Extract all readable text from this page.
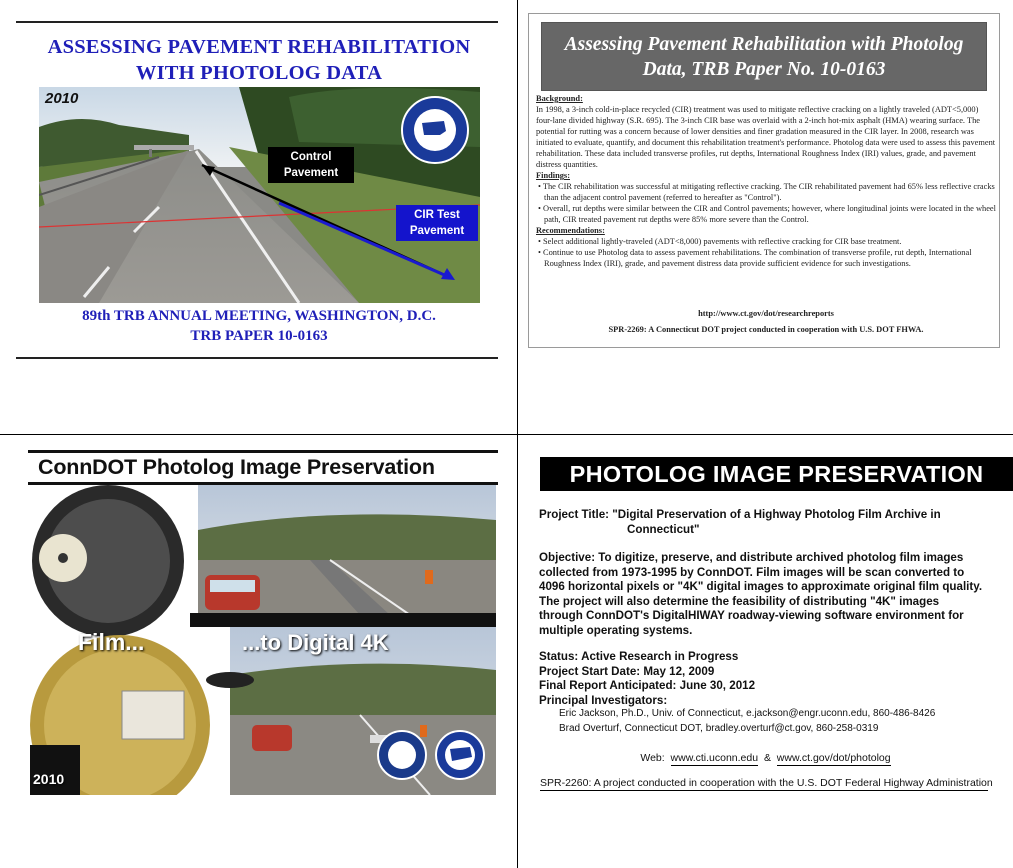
ASSESSING PAVEMENT REHABILITATION WITH PHOTOLOG DATA
2010
Control Pavement
CIR Test Pavement
89th TRB ANNUAL MEETING, WASHINGTON, D.C.
TRB PAPER 10-0163
Assessing Pavement Rehabilitation with Photolog Data, TRB Paper No. 10-0163

Background:

In 1998, a 3-inch cold-in-place recycled (CIR) treatment was used to mitigate reflective cracking on a lightly traveled (ADT<5,000) four-lane divided highway (S.R. 695). The 3-inch CIR base was overlaid with a 2-inch hot-mix asphalt (HMA) wearing surface. The potential for rutting was a concern because of lower densities and finer gradation measured in the CIR layer. In 2008, research was initiated to evaluate, quantify, and document this rehabilitation treatment's performance. Photolog data were used to assess this pavement rehabilitation. These data included transverse profiles, rut depths, International Roughness Index (IRI) values, grade, and pavement distress quantities.

Findings:

• The CIR rehabilitation was successful at mitigating reflective cracking. The CIR rehabilitated pavement had 65% less reflective cracks than the adjacent control pavement (referred to hereafter as "Control").

• Overall, rut depths were similar between the CIR and Control pavements; however, where longitudinal joints were located in the wheel path, CIR treated pavement rut depths were 85% more severe than the Control.

Recommendations:

• Select additional lightly-traveled (ADT<8,000) pavements with reflective cracking for CIR base treatment.

• Continue to use Photolog data to assess pavement rehabilitations. The combination of transverse profile, rut depth, International Roughness Index (IRI), grade, and pavement distress data provide sufficient evidence for such investigations.

http://www.ct.gov/dot/researchreports
SPR-2269: A Connecticut DOT project conducted in cooperation with U.S. DOT FHWA.
ConnDOT Photolog Image Preservation
Film...	...to Digital 4K
2010
PHOTOLOG IMAGE PRESERVATION
Project Title: "Digital Preservation of a Highway Photolog Film Archive in
Connecticut"
Objective: To digitize, preserve, and distribute archived photolog film images
collected from 1973-1995 by ConnDOT. Film images will be scan converted to
4096 horizontal pixels or "4K" digital images to approximate original film quality.
The project will also determine the feasibility of distributing "4K" images
through ConnDOT's DigitalHIWAY roadway-viewing software environment for
multiple operating systems.
Status: Active Research in Progress
Project Start Date: May 12, 2009
Final Report Anticipated: June 30, 2012
Principal Investigators:
Eric Jackson, Ph.D., Univ. of Connecticut, e.jackson@engr.uconn.edu, 860-486-8426
Brad Overturf, Connecticut DOT, bradley.overturf@ct.gov, 860-258-0319
Web: www.cti.uconn.edu & www.ct.gov/dot/photolog
SPR-2260: A project conducted in cooperation with the U.S. DOT Federal Highway Administration
